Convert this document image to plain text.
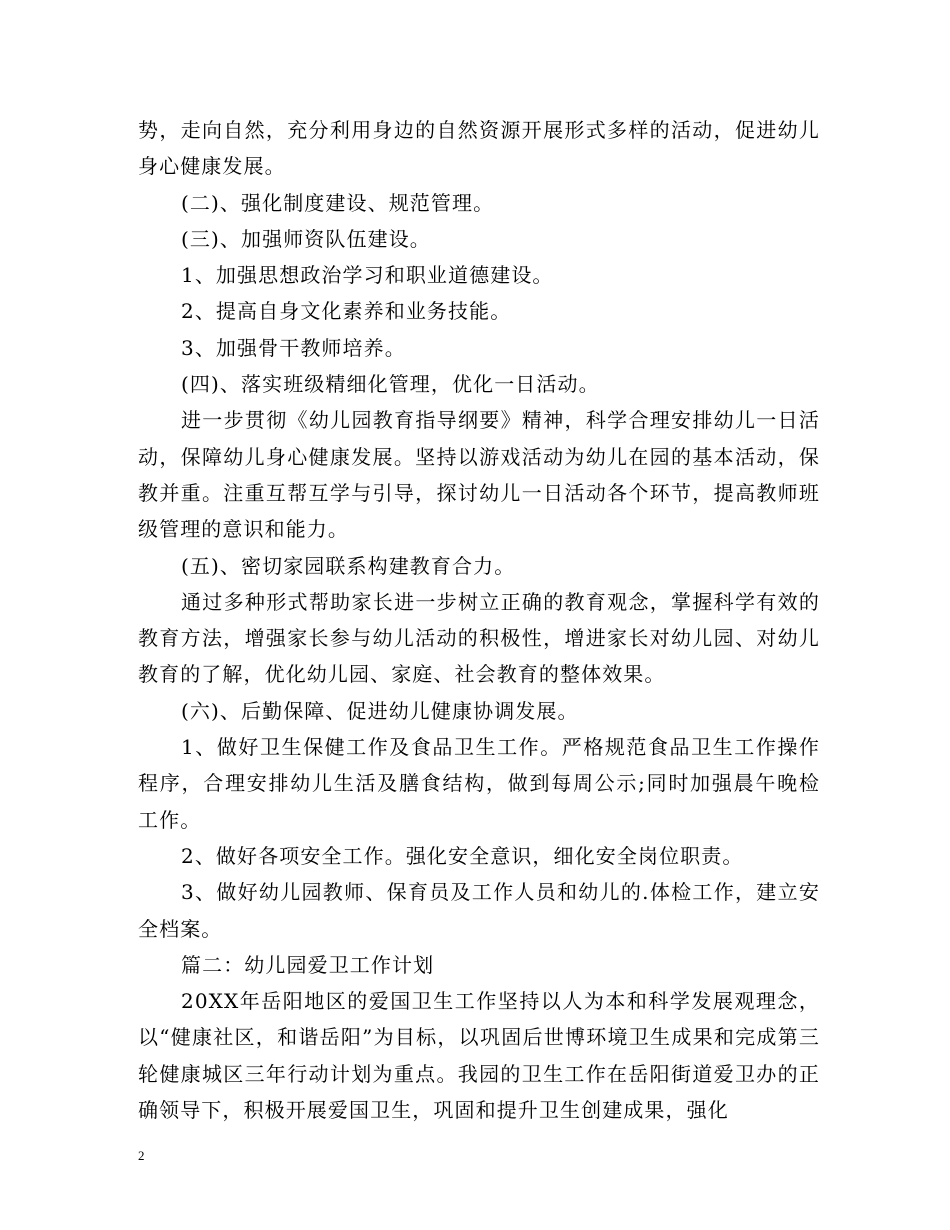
势，走向自然，充分利用身边的自然资源开展形式多样的活动，促进幼儿身心健康发展。

(二)、强化制度建设、规范管理。

(三)、加强师资队伍建设。

1、加强思想政治学习和职业道德建设。

2、提高自身文化素养和业务技能。

3、加强骨干教师培养。

(四)、落实班级精细化管理，优化一日活动。

进一步贯彻《幼儿园教育指导纲要》精神，科学合理安排幼儿一日活动，保障幼儿身心健康发展。坚持以游戏活动为幼儿在园的基本活动，保教并重。注重互帮互学与引导，探讨幼儿一日活动各个环节，提高教师班级管理的意识和能力。

(五)、密切家园联系构建教育合力。

通过多种形式帮助家长进一步树立正确的教育观念，掌握科学有效的教育方法，增强家长参与幼儿活动的积极性，增进家长对幼儿园、对幼儿教育的了解，优化幼儿园、家庭、社会教育的整体效果。

(六)、后勤保障、促进幼儿健康协调发展。

1、做好卫生保健工作及食品卫生工作。严格规范食品卫生工作操作程序，合理安排幼儿生活及膳食结构，做到每周公示;同时加强晨午晚检工作。

2、做好各项安全工作。强化安全意识，细化安全岗位职责。

3、做好幼儿园教师、保育员及工作人员和幼儿的.体检工作，建立安全档案。

篇二：幼儿园爱卫工作计划

20XX年岳阳地区的爱国卫生工作坚持以人为本和科学发展观理念，以“健康社区，和谐岳阳”为目标，以巩固后世博环境卫生成果和完成第三轮健康城区三年行动计划为重点。我园的卫生工作在岳阳街道爱卫办的正确领导下，积极开展爱国卫生，巩固和提升卫生创建成果，强化

2
